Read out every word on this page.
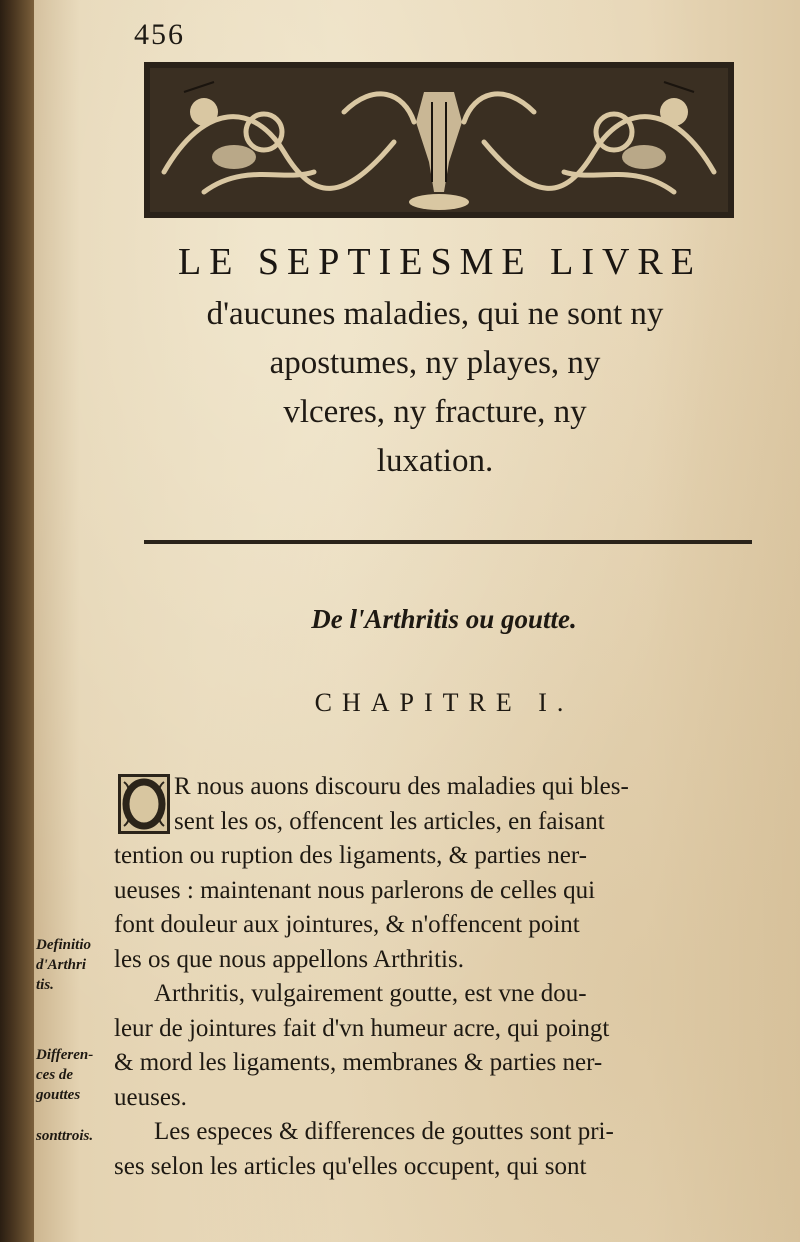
456
LE SEPTIESME LIVRE
d'aucunes maladies, qui ne sont ny
apostumes, ny playes, ny
vlceres, ny fracture, ny
luxation.
De l'Arthritis ou goutte.
CHAPITRE I.
R nous auons discouru des maladies qui bles-
sent les os, offencent les articles, en faisant
tention ou ruption des ligaments, & parties ner-
ueuses : maintenant nous parlerons de celles qui
font douleur aux jointures, & n'offencent point
les os que nous appellons Arthritis.
Arthritis, vulgairement goutte, est vne dou-
leur de jointures fait d'vn humeur acre, qui poingt
& mord les ligaments, membranes & parties ner-
ueuses.
Les especes & differences de gouttes sont pri-
ses selon les articles qu'elles occupent, qui sont
Definitio
d'Arthri
tis.
Differen-
ces de
gouttes
sonttrois.
